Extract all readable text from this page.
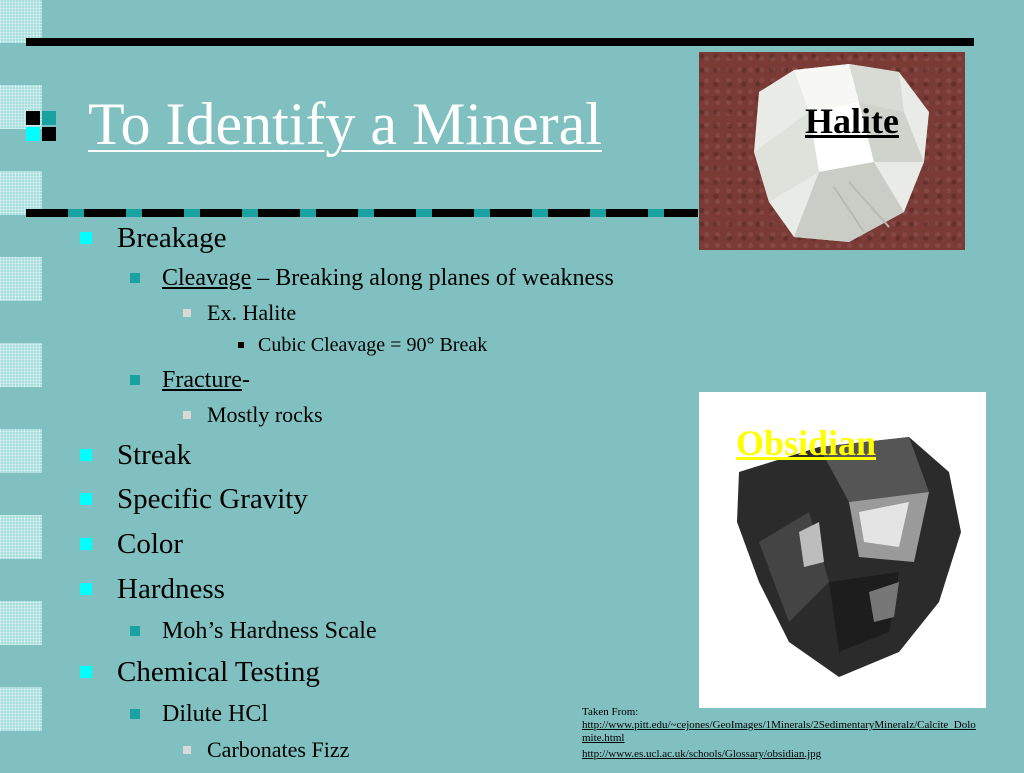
To Identify a Mineral	Halite
Obsidian
Breakage
Cleavage – Breaking along planes of weakness
Ex. Halite
Cubic Cleavage = 90° Break
Fracture-
Mostly rocks
Streak
Specific Gravity
Color
Hardness
Moh’s Hardness Scale
Chemical Testing
Dilute HCl
Carbonates Fizz
Taken From:
http://www.pitt.edu/~cejones/GeoImages/1Minerals/2SedimentaryMineralz/Calcite_Dolomite.html
http://www.es.ucl.ac.uk/schools/Glossary/obsidian.jpg
